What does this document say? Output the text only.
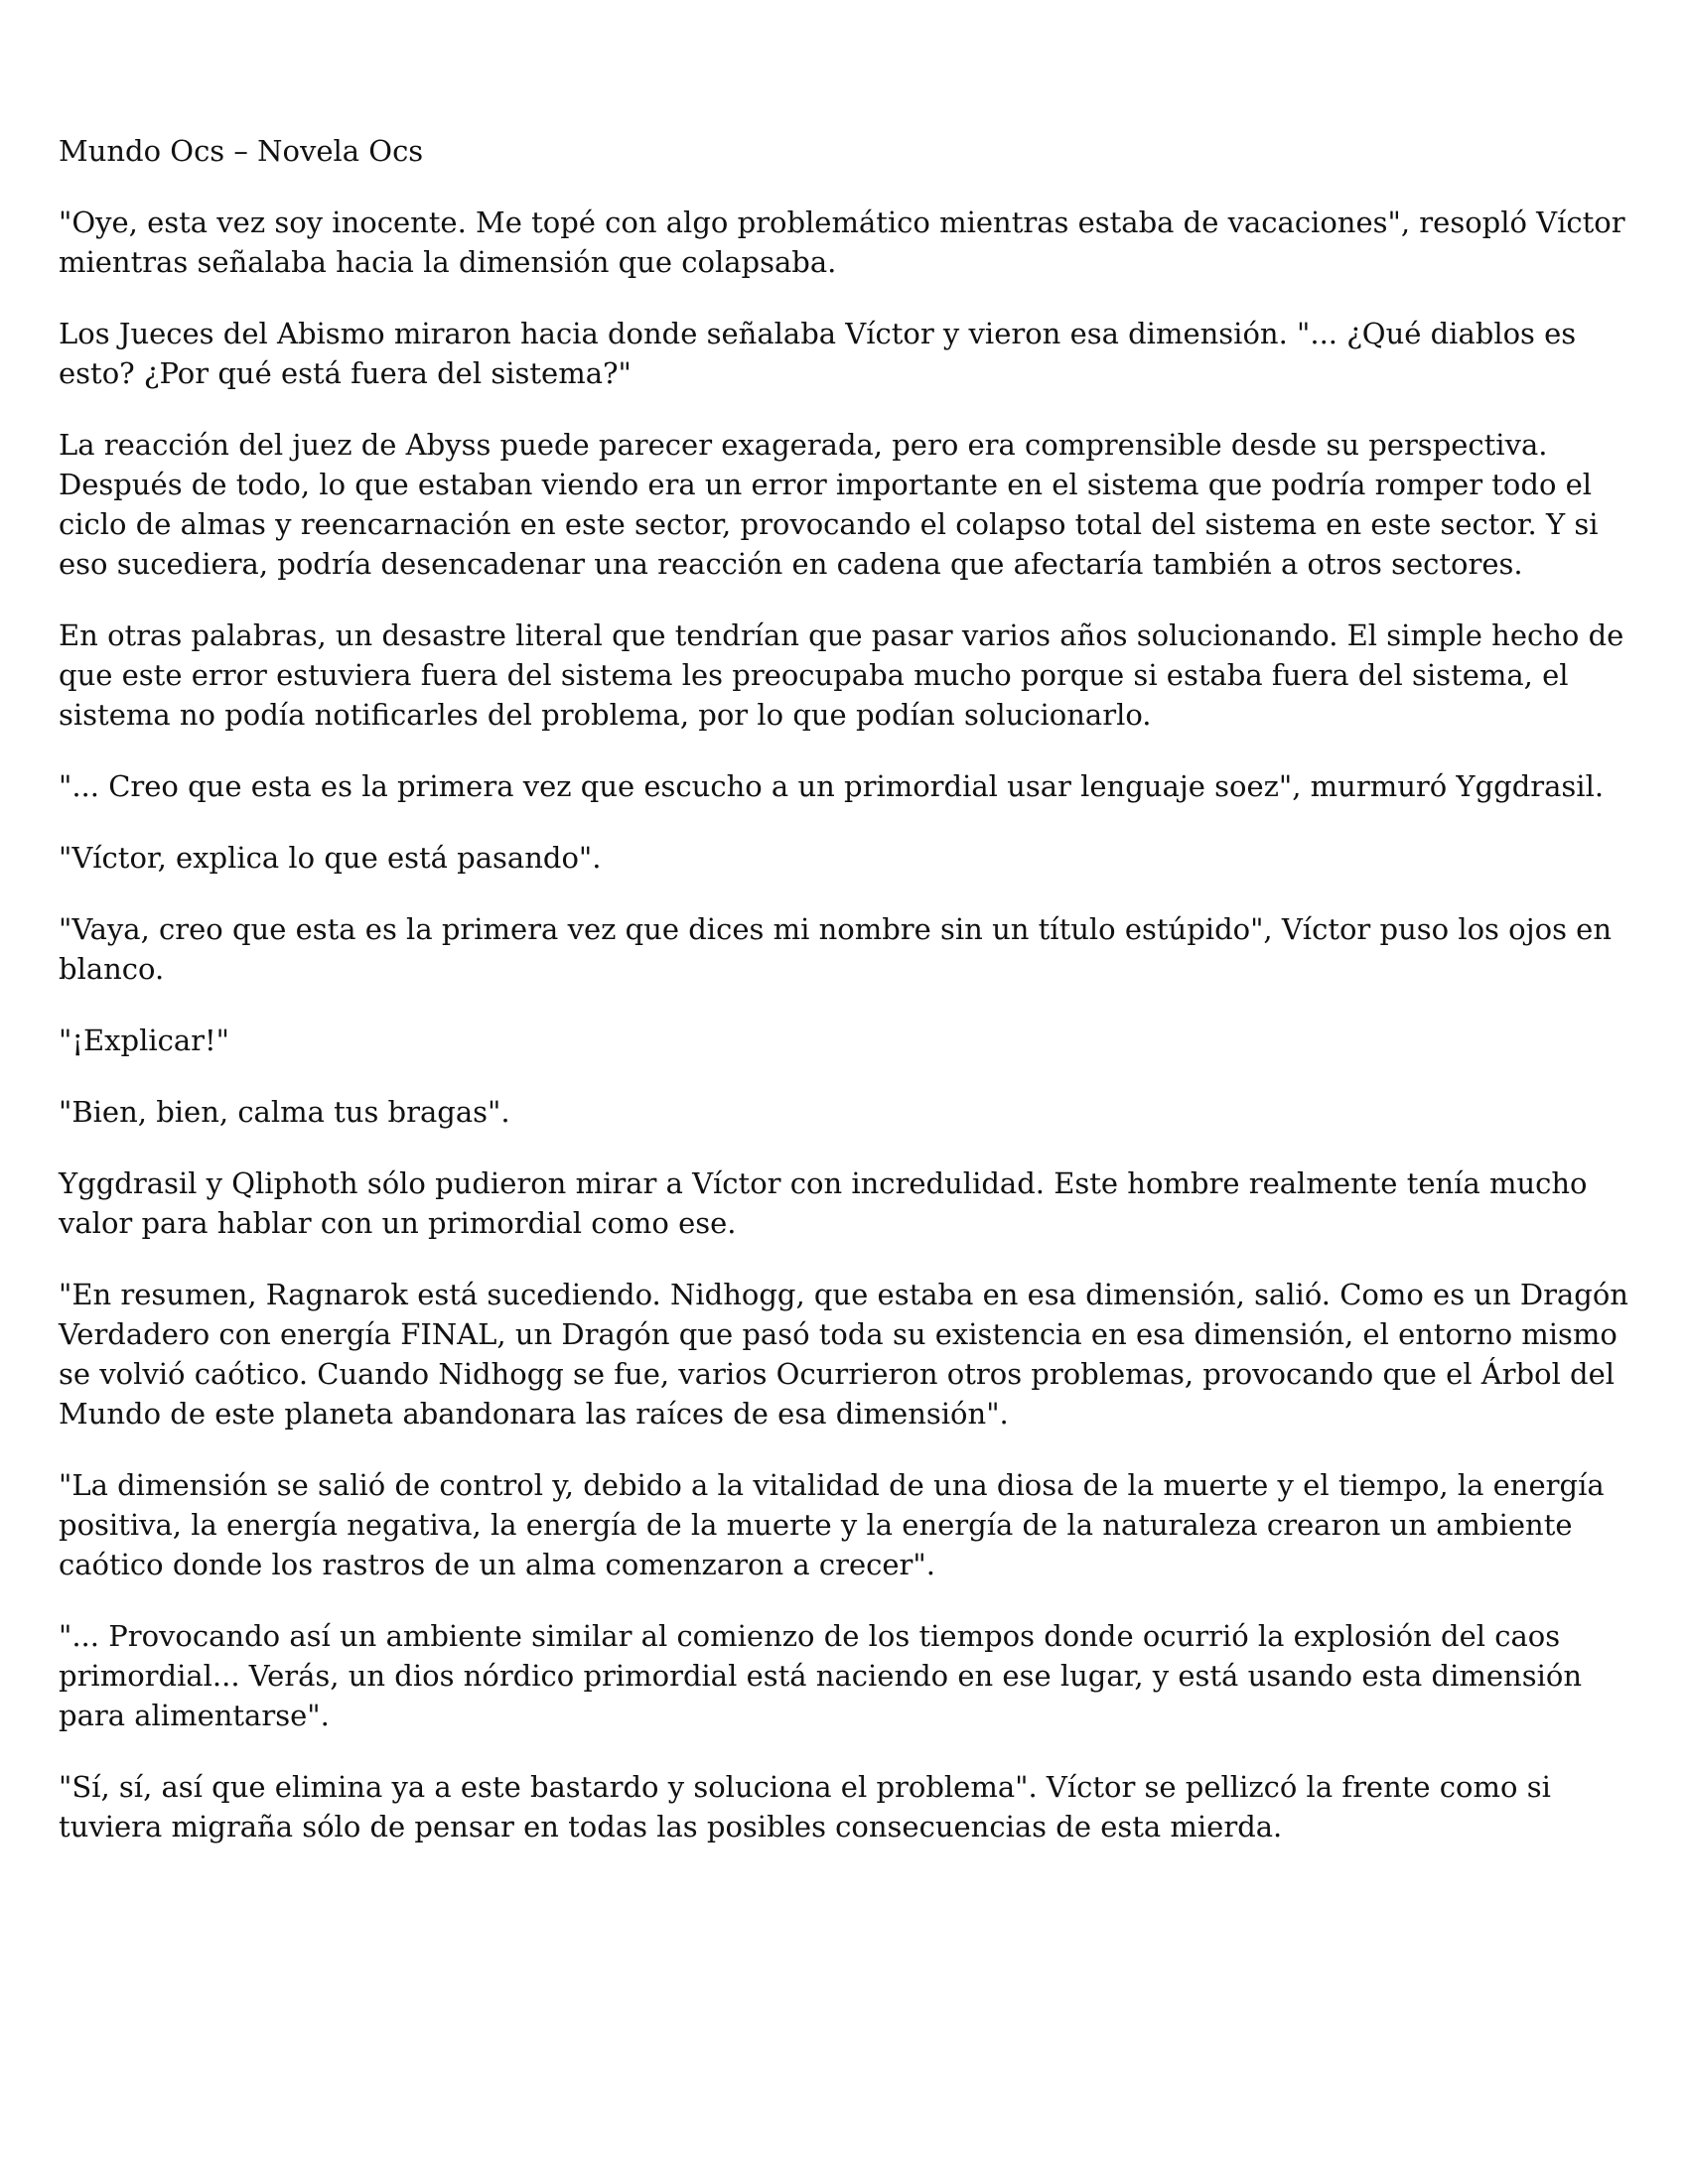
Mundo Ocs – Novela Ocs

"Oye, esta vez soy inocente. Me topé con algo problemático mientras estaba de vacaciones", resopló Víctor mientras señalaba hacia la dimensión que colapsaba.

Los Jueces del Abismo miraron hacia donde señalaba Víctor y vieron esa dimensión. "... ¿Qué diablos es esto? ¿Por qué está fuera del sistema?"

La reacción del juez de Abyss puede parecer exagerada, pero era comprensible desde su perspectiva. Después de todo, lo que estaban viendo era un error importante en el sistema que podría romper todo el ciclo de almas y reencarnación en este sector, provocando el colapso total del sistema en este sector. Y si eso sucediera, podría desencadenar una reacción en cadena que afectaría también a otros sectores.

En otras palabras, un desastre literal que tendrían que pasar varios años solucionando. El simple hecho de que este error estuviera fuera del sistema les preocupaba mucho porque si estaba fuera del sistema, el sistema no podía notificarles del problema, por lo que podían solucionarlo.

"... Creo que esta es la primera vez que escucho a un primordial usar lenguaje soez", murmuró Yggdrasil.

"Víctor, explica lo que está pasando".

"Vaya, creo que esta es la primera vez que dices mi nombre sin un título estúpido", Víctor puso los ojos en blanco.

"¡Explicar!"

"Bien, bien, calma tus bragas".

Yggdrasil y Qliphoth sólo pudieron mirar a Víctor con incredulidad. Este hombre realmente tenía mucho valor para hablar con un primordial como ese.

"En resumen, Ragnarok está sucediendo. Nidhogg, que estaba en esa dimensión, salió. Como es un Dragón Verdadero con energía FINAL, un Dragón que pasó toda su existencia en esa dimensión, el entorno mismo se volvió caótico. Cuando Nidhogg se fue, varios Ocurrieron otros problemas, provocando que el Árbol del Mundo de este planeta abandonara las raíces de esa dimensión".

"La dimensión se salió de control y, debido a la vitalidad de una diosa de la muerte y el tiempo, la energía positiva, la energía negativa, la energía de la muerte y la energía de la naturaleza crearon un ambiente caótico donde los rastros de un alma comenzaron a crecer".

"... Provocando así un ambiente similar al comienzo de los tiempos donde ocurrió la explosión del caos primordial... Verás, un dios nórdico primordial está naciendo en ese lugar, y está usando esta dimensión para alimentarse".

"Sí, sí, así que elimina ya a este bastardo y soluciona el problema". Víctor se pellizcó la frente como si tuviera migraña sólo de pensar en todas las posibles consecuencias de esta mierda.
